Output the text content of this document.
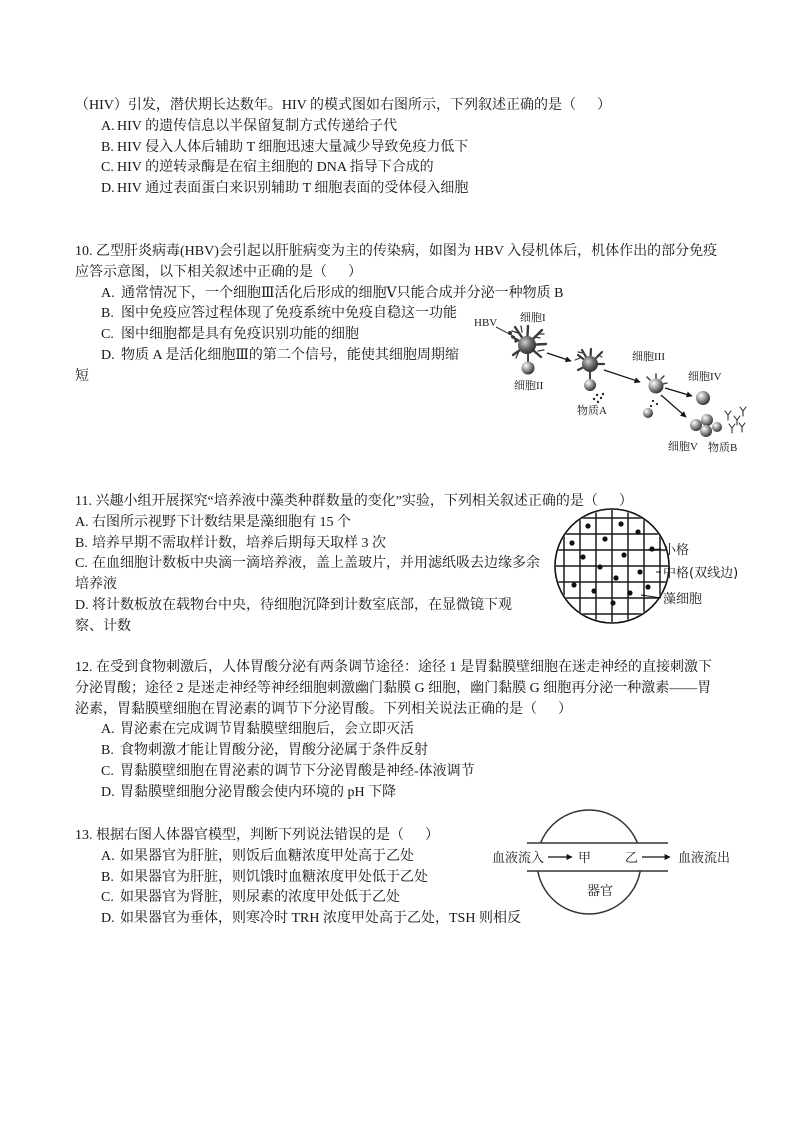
（HIV）引发，潜伏期长达数年。HIV 的模式图如右图所示，下列叙述正确的是（      ）
A. HIV 的遗传信息以半保留复制方式传递给子代
B. HIV 侵入人体后辅助 T 细胞迅速大量减少导致免疫力低下
C. HIV 的逆转录酶是在宿主细胞的 DNA 指导下合成的
D. HIV 通过表面蛋白来识别辅助 T 细胞表面的受体侵入细胞
10. 乙型肝炎病毒(HBV)会引起以肝脏病变为主的传染病，如图为 HBV 入侵机体后，机体作出的部分免疫
应答示意图，以下相关叙述中正确的是（      ）
A. 通常情况下，一个细胞Ⅲ活化后形成的细胞Ⅴ只能合成并分泌一种物质 B
B. 图中免疫应答过程体现了免疫系统中免疫自稳这一功能
C. 图中细胞都是具有免疫识别功能的细胞
D. 物质 A 是活化细胞Ⅲ的第二个信号，能使其细胞周期缩
短
HBV 细胞I
细胞II
物质A
细胞III
细胞IV
细胞V 物质B
11. 兴趣小组开展探究“培养液中藻类种群数量的变化”实验，下列相关叙述正确的是（      ）
A. 右图所示视野下计数结果是藻细胞有 15 个
B. 培养早期不需取样计数，培养后期每天取样 3 次
C. 在血细胞计数板中央滴一滴培养液，盖上盖玻片，并用滤纸吸去边缘多余
培养液
D. 将计数板放在载物台中央，待细胞沉降到计数室底部，在显微镜下观
察、计数
小格
中格(双线边)
藻细胞
12. 在受到食物刺激后，人体胃酸分泌有两条调节途径：途径 1 是胃黏膜壁细胞在迷走神经的直接刺激下
分泌胃酸；途径 2 是迷走神经等神经细胞刺激幽门黏膜 G 细胞，幽门黏膜 G 细胞再分泌一种激素——胃
泌素，胃黏膜壁细胞在胃泌素的调节下分泌胃酸。下列相关说法正确的是（      ）
A. 胃泌素在完成调节胃黏膜壁细胞后，会立即灭活
B. 食物刺激才能让胃酸分泌，胃酸分泌属于条件反射
C. 胃黏膜壁细胞在胃泌素的调节下分泌胃酸是神经-体液调节
D. 胃黏膜壁细胞分泌胃酸会使内环境的 pH 下降
13. 根据右图人体器官模型，判断下列说法错误的是（      ）
A. 如果器官为肝脏，则饭后血糖浓度甲处高于乙处
B. 如果器官为肝脏，则饥饿时血糖浓度甲处低于乙处
C. 如果器官为肾脏，则尿素的浓度甲处低于乙处
D. 如果器官为垂体，则寒冷时 TRH 浓度甲处高于乙处，TSH 则相反
血液流入	甲	乙	血液流出
器官
